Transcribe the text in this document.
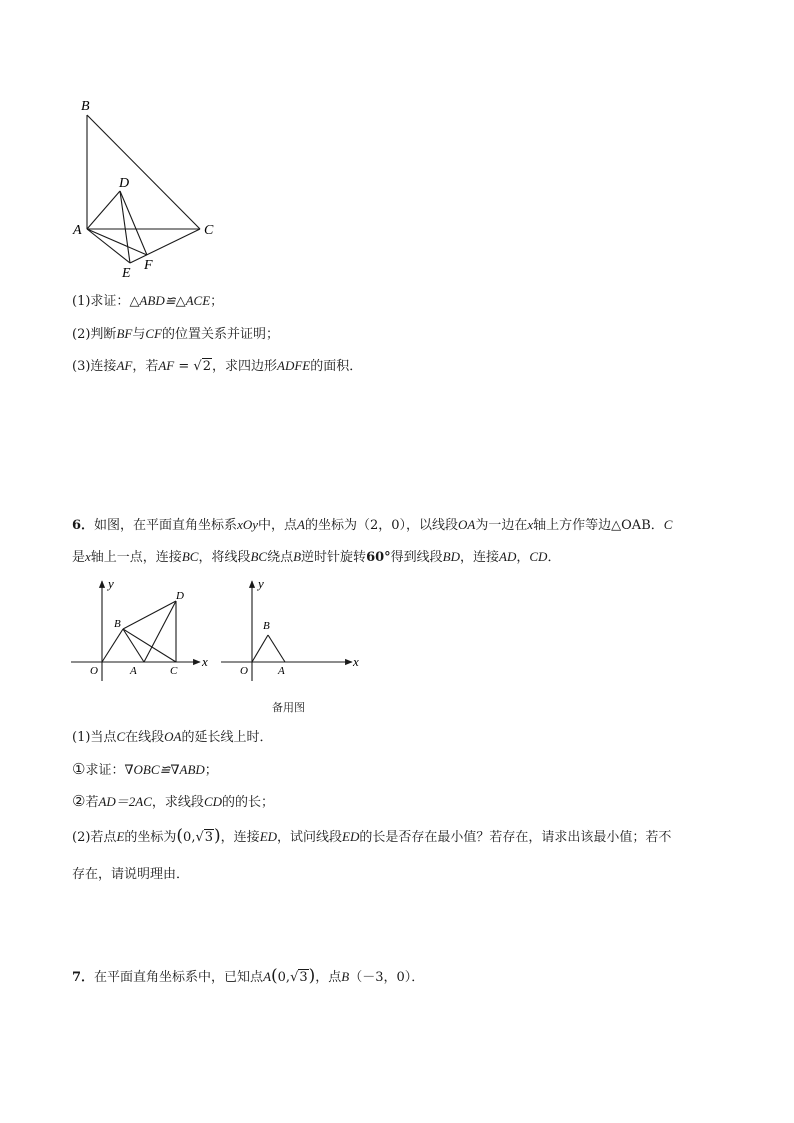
B
D
A	C
E
F
(1)求证：△ABD≌△ACE；
(2)判断BF与CF的位置关系并证明；
(3)连接AF，若AF = √2，求四边形ADFE的面积．
6．如图，在平面直角坐标系xOy中，点A的坐标为（2，0），以线段OA为一边在x轴上方作等边△OAB．C
是x轴上一点，连接BC，将线段BC绕点B逆时针旋转60°得到线段BD，连接AD，CD．
y
x
O	A	C
B
D
y
x
O	A
B
备用图
(1)当点C在线段OA的延长线上时．
①求证：∇OBC≌∇ABD；
②若AD＝2AC，求线段CD的的长；
(2)若点E的坐标为(0,√3)，连接ED，试问线段ED的长是否存在最小值？若存在，请求出该最小值；若不
存在，请说明理由．
7．在平面直角坐标系中，已知点A(0,√3)，点B（－3，0）．
